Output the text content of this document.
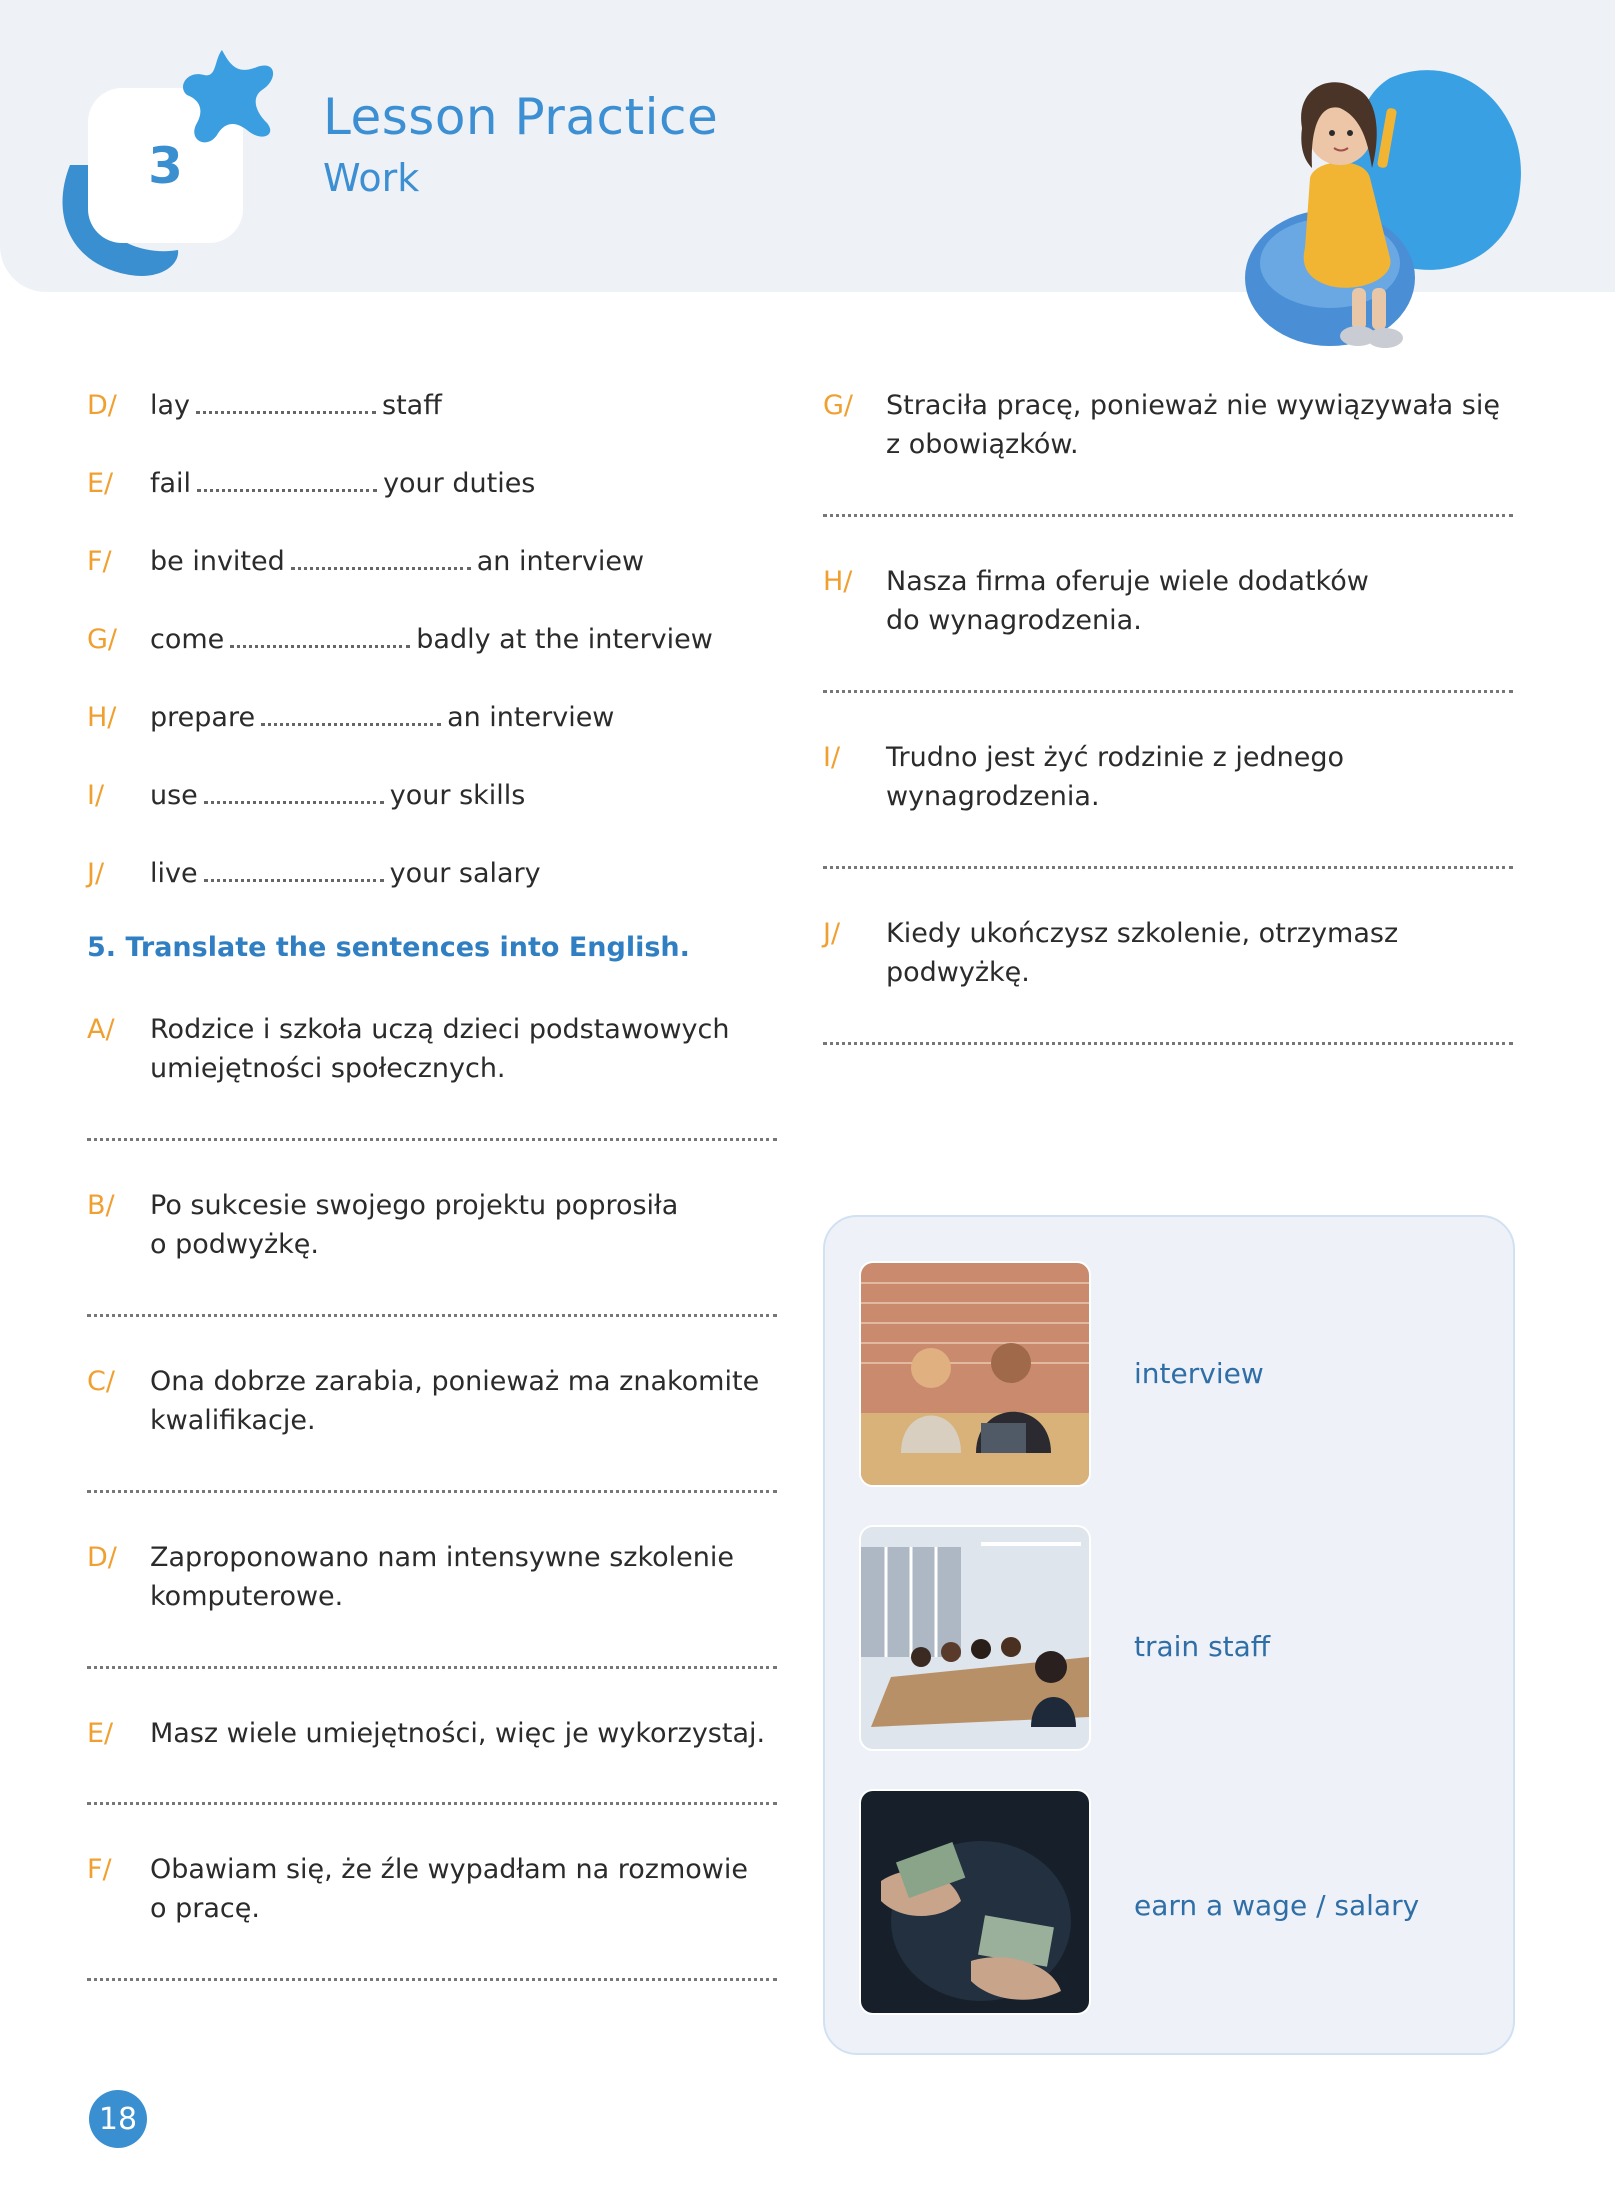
3
Lesson Practice
Work
D/ lay	staff
E/ fail	your duties
F/ be invited	an interview
G/ come	badly at the interview
H/ prepare	an interview
I/ use	your skills
J/ live	your salary
5. Translate the sentences into English.
A/ Rodzice i szkoła uczą dzieci podstawowych
umiejętności społecznych.
B/ Po sukcesie swojego projektu poprosiła
o podwyżkę.
C/ Ona dobrze zarabia, ponieważ ma znakomite
kwalifikacje.
D/ Zaproponowano nam intensywne szkolenie
komputerowe.
E/ Masz wiele umiejętności, więc je wykorzystaj.
F/ Obawiam się, że źle wypadłam na rozmowie
o pracę.
G/ Straciła pracę, ponieważ nie wywiązywała się
z obowiązków.
H/ Nasza firma oferuje wiele dodatków
do wynagrodzenia.
I/ Trudno jest żyć rodzinie z jednego
wynagrodzenia.
J/ Kiedy ukończysz szkolenie, otrzymasz
podwyżkę.
interview
train staff
earn a wage / salary
18
